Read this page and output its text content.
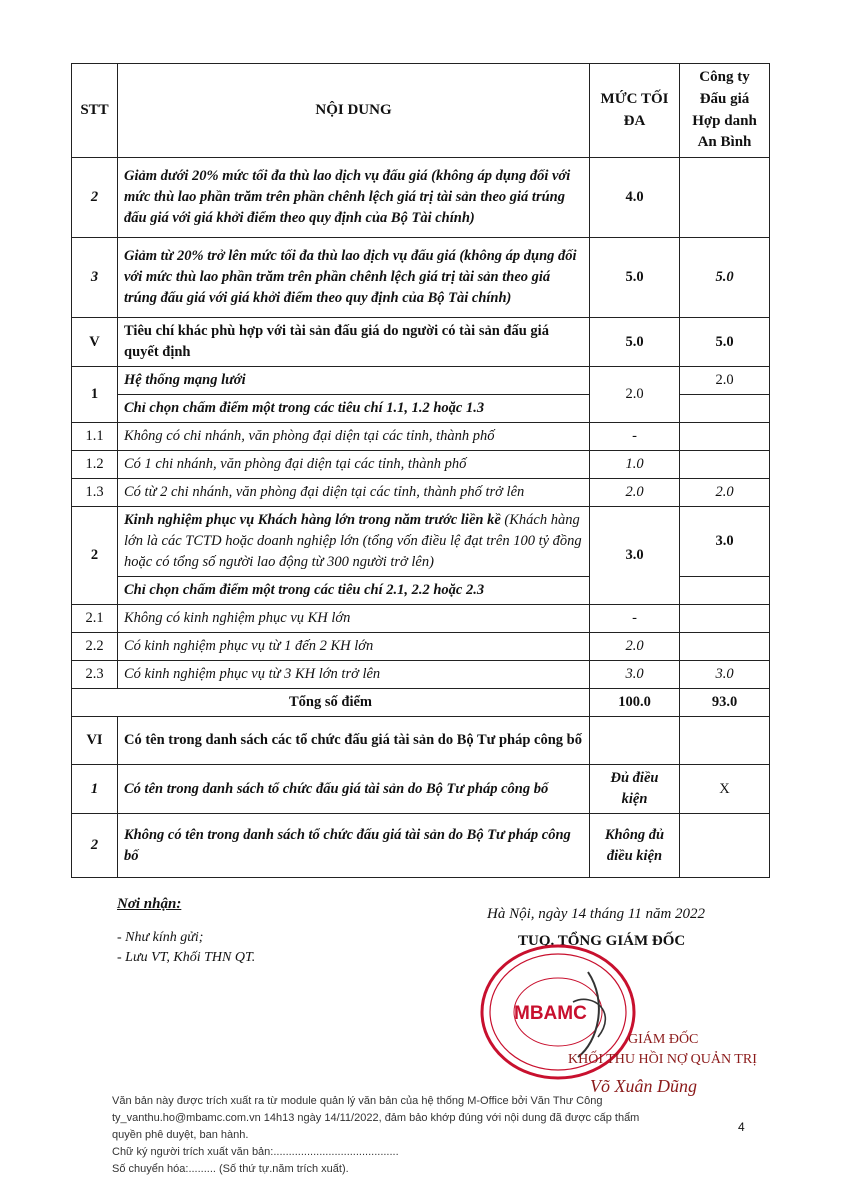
STT	NỘI DUNG	MỨC TỐI ĐA	Công ty Đấu giá Hợp danh An Bình
2	Giảm dưới 20% mức tối đa thù lao dịch vụ đấu giá (không áp dụng đối với mức thù lao phần trăm trên phần chênh lệch giá trị tài sản theo giá trúng đấu giá với giá khởi điểm theo quy định của Bộ Tài chính)	4.0	
3	Giảm từ 20% trở lên mức tối đa thù lao dịch vụ đấu giá (không áp dụng đối với mức thù lao phần trăm trên phần chênh lệch giá trị tài sản theo giá trúng đấu giá với giá khởi điểm theo quy định của Bộ Tài chính)	5.0	5.0
V	Tiêu chí khác phù hợp với tài sản đấu giá do người có tài sản đấu giá quyết định	5.0	5.0
1	Hệ thống mạng lưới	2.0	2.0
	Chỉ chọn chấm điểm một trong các tiêu chí 1.1, 1.2 hoặc 1.3		
1.1	Không có chi nhánh, văn phòng đại diện tại các tỉnh, thành phố	-	
1.2	Có 1 chi nhánh, văn phòng đại diện tại các tỉnh, thành phố	1.0	
1.3	Có từ 2 chi nhánh, văn phòng đại diện tại các tỉnh, thành phố trở lên	2.0	2.0
2	Kinh nghiệm phục vụ Khách hàng lớn trong năm trước liền kề (Khách hàng lớn là các TCTD hoặc doanh nghiệp lớn (tổng vốn điều lệ đạt trên 100 tỷ đồng hoặc có tổng số người lao động từ 300 người trở lên)	3.0	3.0
	Chỉ chọn chấm điểm một trong các tiêu chí 2.1, 2.2 hoặc 2.3		
2.1	Không có kinh nghiệm phục vụ KH lớn	-	
2.2	Có kinh nghiệm phục vụ từ 1 đến 2 KH lớn	2.0	
2.3	Có kinh nghiệm phục vụ từ 3 KH lớn trở lên	3.0	3.0
Tổng số điểm		100.0	93.0
VI	Có tên trong danh sách các tổ chức đấu giá tài sản do Bộ Tư pháp công bố		
1	Có tên trong danh sách tổ chức đấu giá tài sản do Bộ Tư pháp công bố	Đủ điều kiện	X
2	Không có tên trong danh sách tổ chức đấu giá tài sản do Bộ Tư pháp công bố	Không đủ điều kiện	
Nơi nhận:
- Như kính gửi;
- Lưu VT, Khối THN QT.
Hà Nội, ngày 14 tháng 11 năm 2022
TUQ. TỔNG GIÁM ĐỐC
MBAMC
GIÁM ĐỐC
KHỐI THU HỒI NỢ QUẢN TRỊ
Võ Xuân Dũng
Văn bản này được trích xuất ra từ module quản lý văn bản của hệ thống M-Office bởi Văn Thư Công
ty_vanthu.ho@mbamc.com.vn 14h13 ngày 14/11/2022, đảm bảo khớp đúng với nội dung đã được cấp thẩm
quyền phê duyệt, ban hành.
Chữ ký người trích xuất văn bản:.........................................
Số chuyển hóa:......... (Số thứ tự.năm trích xuất).
4
